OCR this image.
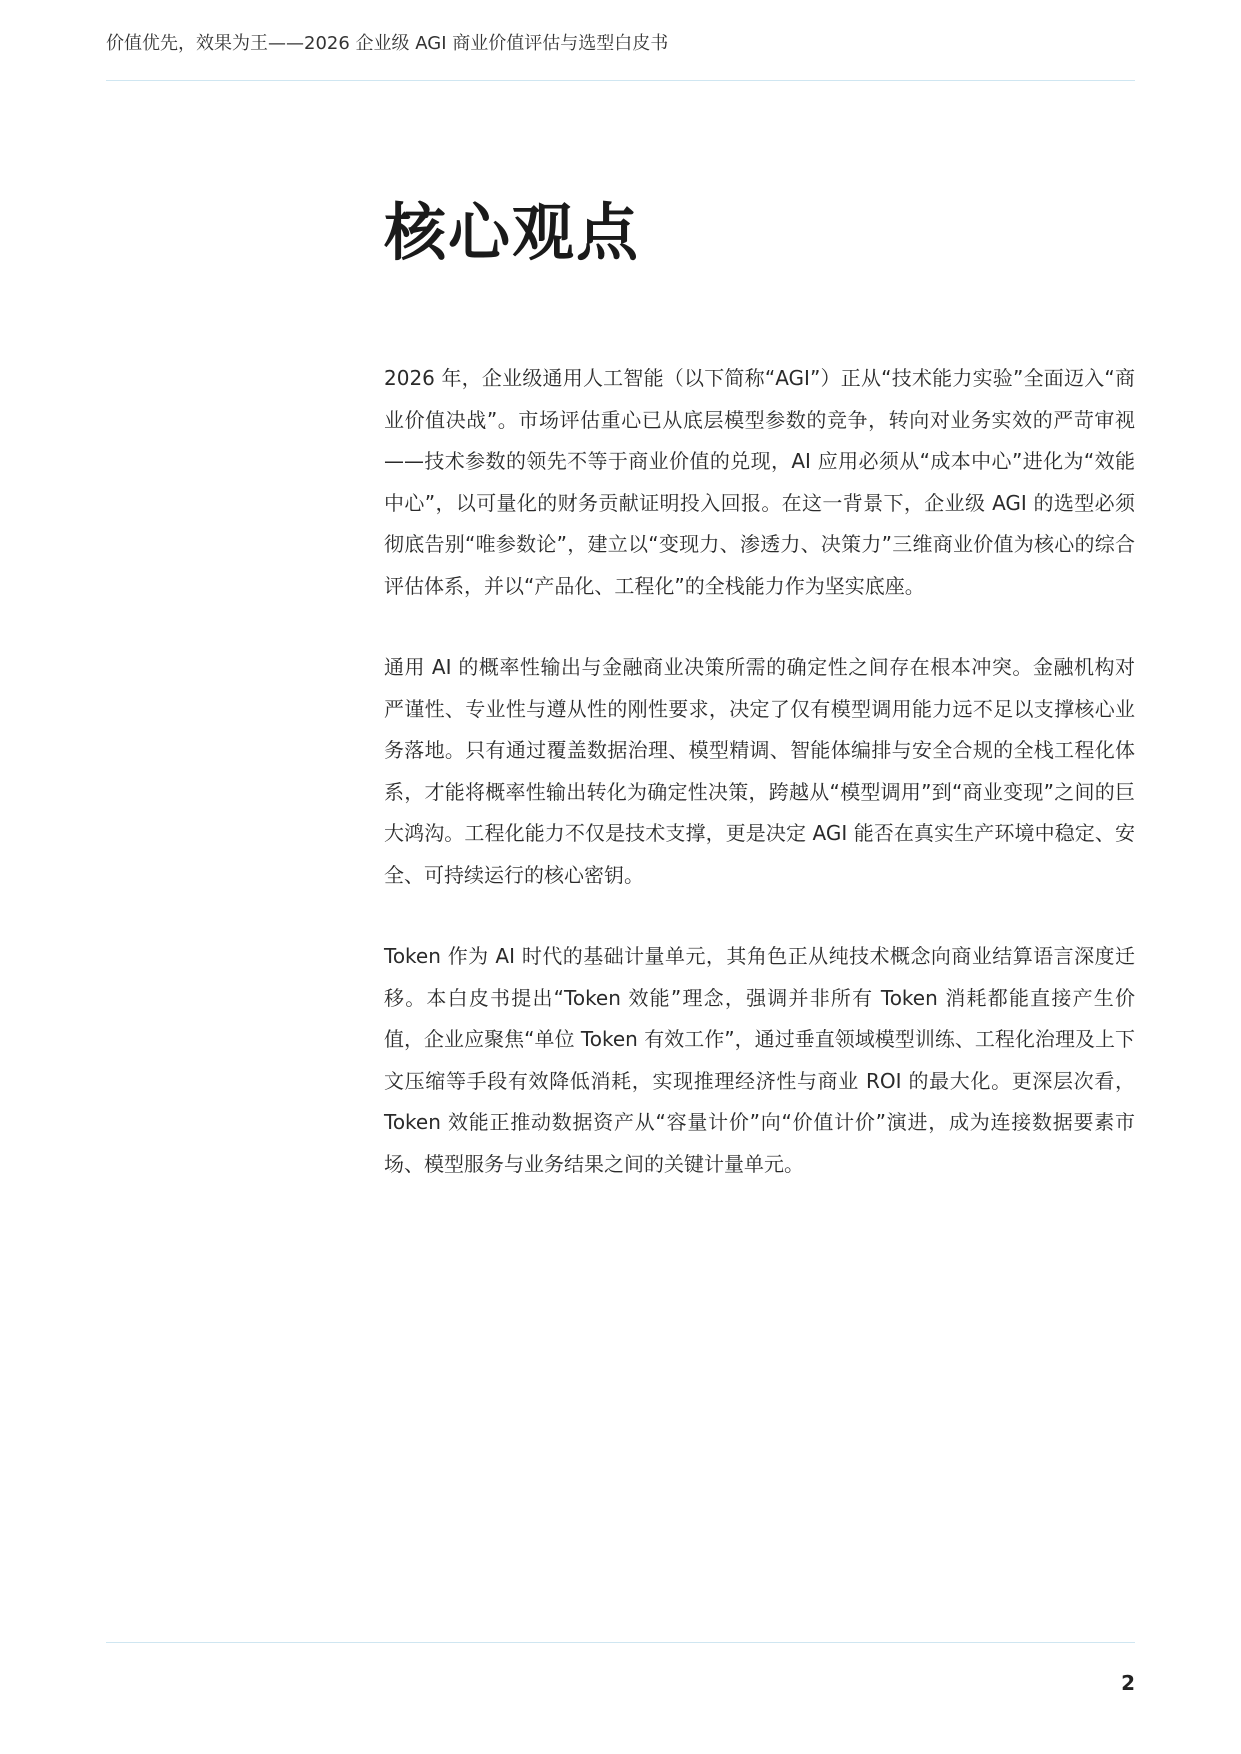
价值优先，效果为王——2026 企业级 AGI 商业价值评估与选型白皮书
核心观点

2026 年，企业级通用人工智能（以下简称“AGI”）正从“技术能力实验”全面迈入“商业价值决战”。市场评估重心已从底层模型参数的竞争，转向对业务实效的严苛审视——技术参数的领先不等于商业价值的兑现，AI 应用必须从“成本中心”进化为“效能中心”，以可量化的财务贡献证明投入回报。在这一背景下，企业级 AGI 的选型必须彻底告别“唯参数论”，建立以“变现力、渗透力、决策力”三维商业价值为核心的综合评估体系，并以“产品化、工程化”的全栈能力作为坚实底座。

通用 AI 的概率性输出与金融商业决策所需的确定性之间存在根本冲突。金融机构对严谨性、专业性与遵从性的刚性要求，决定了仅有模型调用能力远不足以支撑核心业务落地。只有通过覆盖数据治理、模型精调、智能体编排与安全合规的全栈工程化体系，才能将概率性输出转化为确定性决策，跨越从“模型调用”到“商业变现”之间的巨大鸿沟。工程化能力不仅是技术支撑，更是决定 AGI 能否在真实生产环境中稳定、安全、可持续运行的核心密钥。

Token 作为 AI 时代的基础计量单元，其角色正从纯技术概念向商业结算语言深度迁移。本白皮书提出“Token 效能”理念，强调并非所有 Token 消耗都能直接产生价值，企业应聚焦“单位 Token 有效工作”，通过垂直领域模型训练、工程化治理及上下文压缩等手段有效降低消耗，实现推理经济性与商业 ROI 的最大化。更深层次看，Token 效能正推动数据资产从“容量计价”向“价值计价”演进，成为连接数据要素市场、模型服务与业务结果之间的关键计量单元。

2
